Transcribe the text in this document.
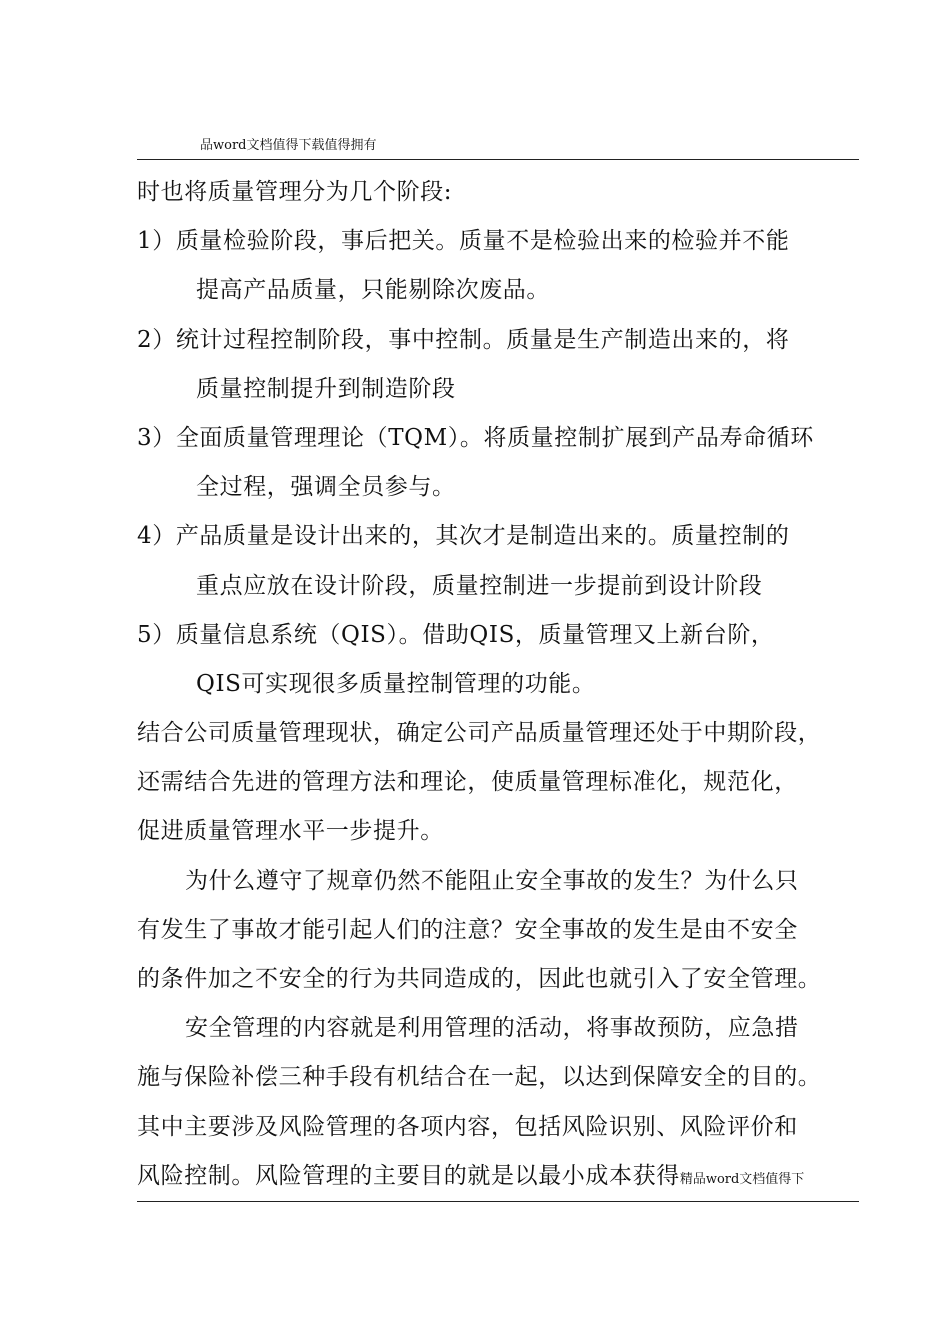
品word文档值得下载值得拥有
时也将质量管理分为几个阶段:
1）质量检验阶段，事后把关。质量不是检验出来的检验并不能
提高产品质量，只能剔除次废品。
2）统计过程控制阶段，事中控制。质量是生产制造出来的，将
质量控制提升到制造阶段
3）全面质量管理理论（TQM）。将质量控制扩展到产品寿命循环
全过程，强调全员参与。
4）产品质量是设计出来的，其次才是制造出来的。质量控制的
重点应放在设计阶段，质量控制进一步提前到设计阶段
5）质量信息系统（QIS）。借助QIS，质量管理又上新台阶，
QIS可实现很多质量控制管理的功能。
结合公司质量管理现状，确定公司产品质量管理还处于中期阶段，
还需结合先进的管理方法和理论，使质量管理标准化，规范化，
促进质量管理水平一步提升。
为什么遵守了规章仍然不能阻止安全事故的发生？为什么只
有发生了事故才能引起人们的注意？安全事故的发生是由不安全
的条件加之不安全的行为共同造成的，因此也就引入了安全管理。
安全管理的内容就是利用管理的活动，将事故预防，应急措
施与保险补偿三种手段有机结合在一起，以达到保障安全的目的。
其中主要涉及风险管理的各项内容，包括风险识别、风险评价和
风险控制。风险管理的主要目的就是以最小成本获得精品word文档值得下
